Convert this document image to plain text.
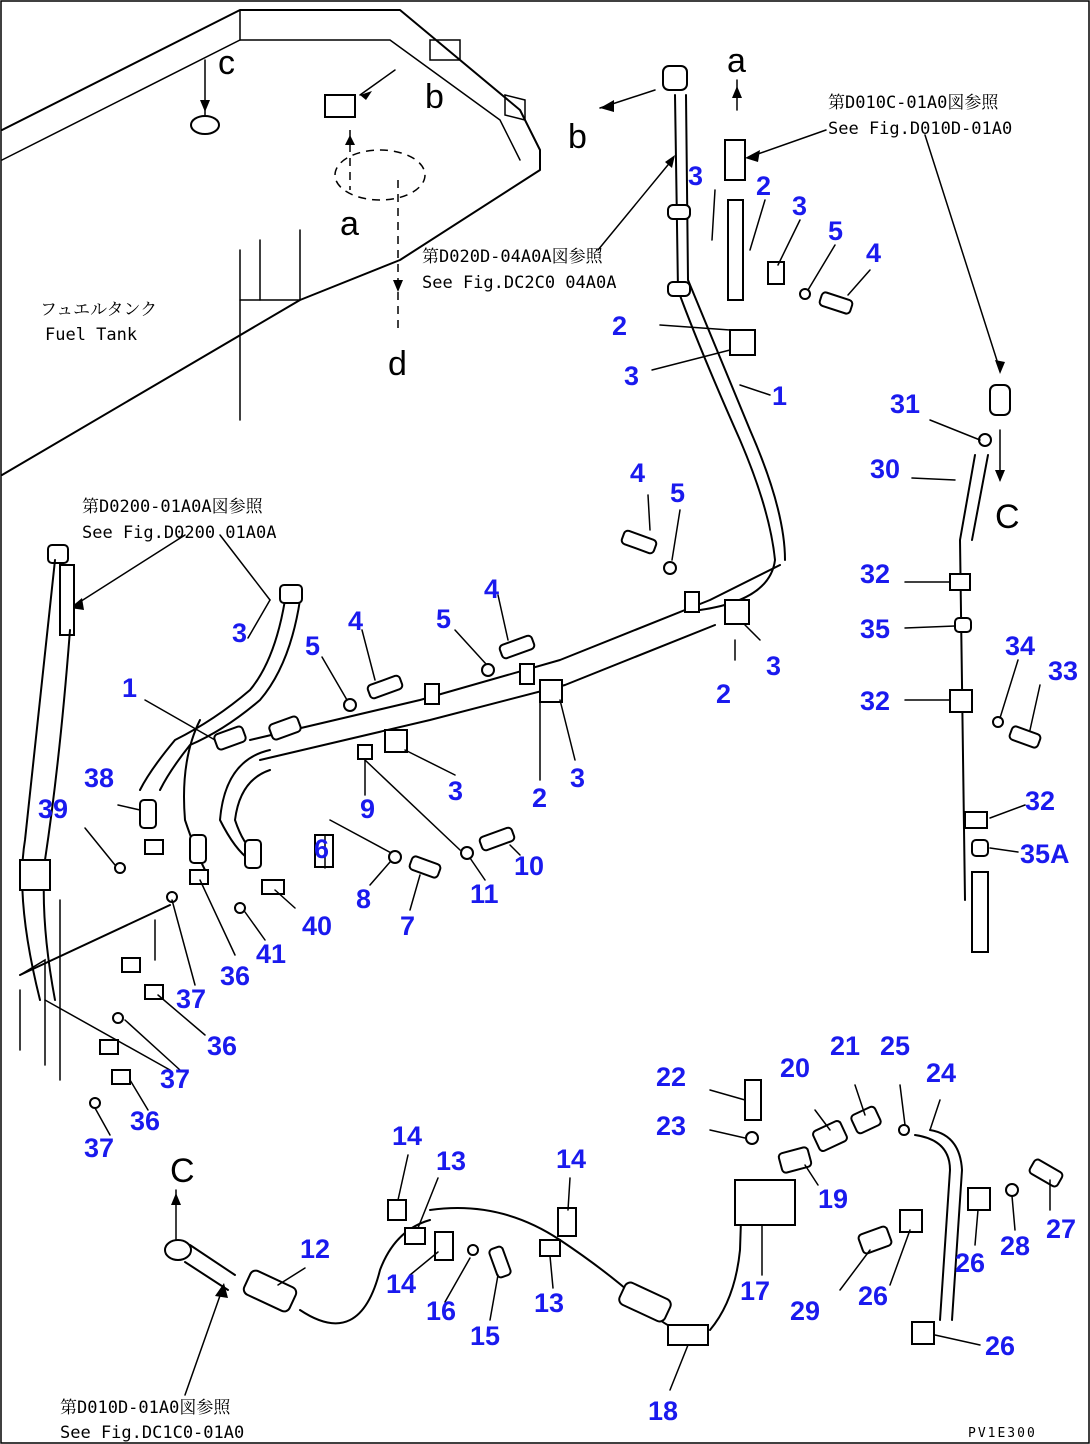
フュエルタンク
Fuel Tank
c
b
a
d
b
a
C
C
第D010C-01A0図参照
See Fig.D010D-01A0
第D020D-04A0A図参照
See Fig.DC2C0 04A0A
第D0200-01A0A図参照
See Fig.D0200 01A0A
第D010D-01A0図参照
See Fig.DC1C0-01A0
3 2
3
5
4
2
3
1	31
30
32
35
32
34
33
32
35A
4
5
4
5
4
5
3
2
3
1
3	2
3
38
39
6
9
8
7
11
10
40
41
36
37
36
37
36
37
22
23
20
21 25
24
19
27
28
26
26
26
29
17
18
14
13	14
12
14
16
15
13
PV1E300
